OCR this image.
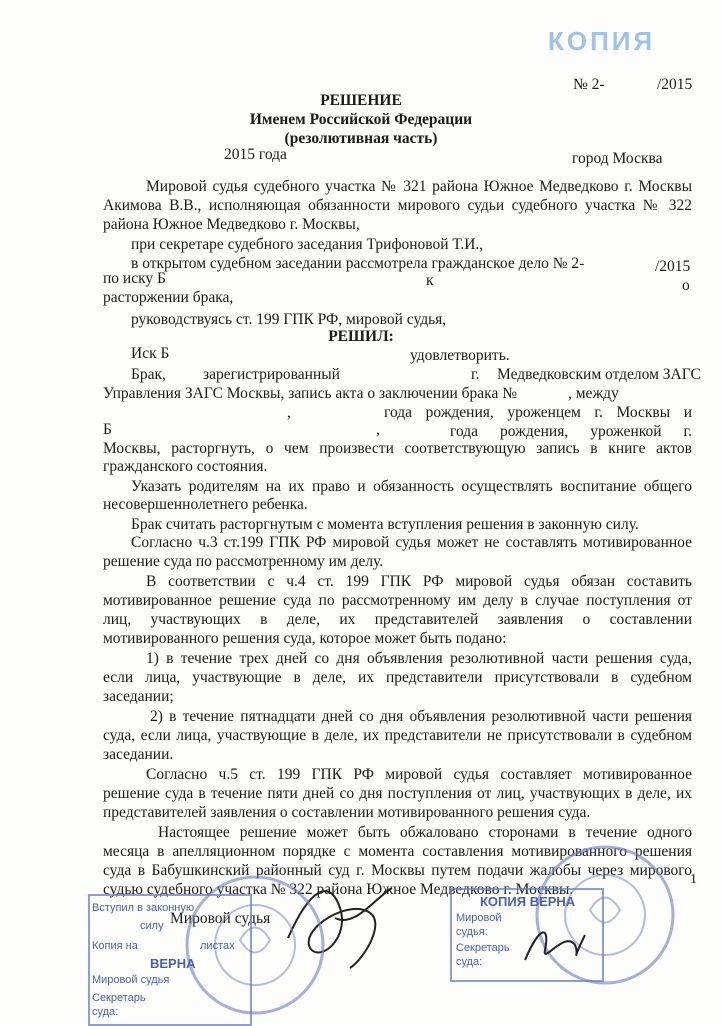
КОПИЯ
№ 2-	/2015
РЕШЕНИЕ
Именем Российской Федерации
(резолютивная часть)
2015 года	город Москва
Мировой судья судебного участка № 321 района Южное Медведково г. Москвы
Акимова В.В., исполняющая обязанности мирового судьи судебного участка № 322
района Южное Медведково г. Москвы,
при секретаре судебного заседания Трифоновой Т.И.,
в открытом судебном заседании рассмотрела гражданское дело № 2-	/2015
по иску Б	к	о
расторжении брака,
руководствуясь ст. 199 ГПК РФ, мировой судья,
РЕШИЛ:
Иск Б	удовлетворить.
Брак, зарегистрированный	г. Медведковским отделом ЗАГС
Управления ЗАГС Москвы, запись акта о заключении брака №	, между
,	года рождения, уроженцем г. Москвы и
Б	,	года рождения, уроженкой г.
Москвы, расторгнуть, о чем произвести соответствующую запись в книге актов
гражданского состояния.
Указать родителям на их право и обязанность осуществлять воспитание общего
несовершеннолетнего ребенка.
Брак считать расторгнутым с момента вступления решения в законную силу.
Согласно ч.3 ст.199 ГПК РФ мировой судья может не составлять мотивированное
решение суда по рассмотренному им делу.
В соответствии с ч.4 ст. 199 ГПК РФ мировой судья обязан составить
мотивированное решение суда по рассмотренному им делу в случае поступления от
лиц, участвующих в деле, их представителей заявления о составлении
мотивированного решения суда, которое может быть подано:
1) в течение трех дней со дня объявления резолютивной части решения суда,
если лица, участвующие в деле, их представители присутствовали в судебном
заседании;
2) в течение пятнадцати дней со дня объявления резолютивной части решения
суда, если лица, участвующие в деле, их представители не присутствовали в судебном
заседании.
Согласно ч.5 ст. 199 ГПК РФ мировой судья составляет мотивированное
решение суда в течение пяти дней со дня поступления от лиц, участвующих в деле, их
представителей заявления о составлении мотивированного решения суда.
Настоящее решение может быть обжаловано сторонами в течение одного
месяца в апелляционном порядке с момента составления мотивированного решения
суда в Бабушкинский районный суд г. Москвы путем подачи жалобы через мирового
судью судебного участка № 322 района Южное Медведково г. Москвы.
Мировой судья
Вступил в законную
силу
Копия на	листах
ВЕРНА
Мировой судья
Секретарь
суда:
КОПИЯ ВЕРНА
Мировой
судья:
Секретарь
суда:
1
